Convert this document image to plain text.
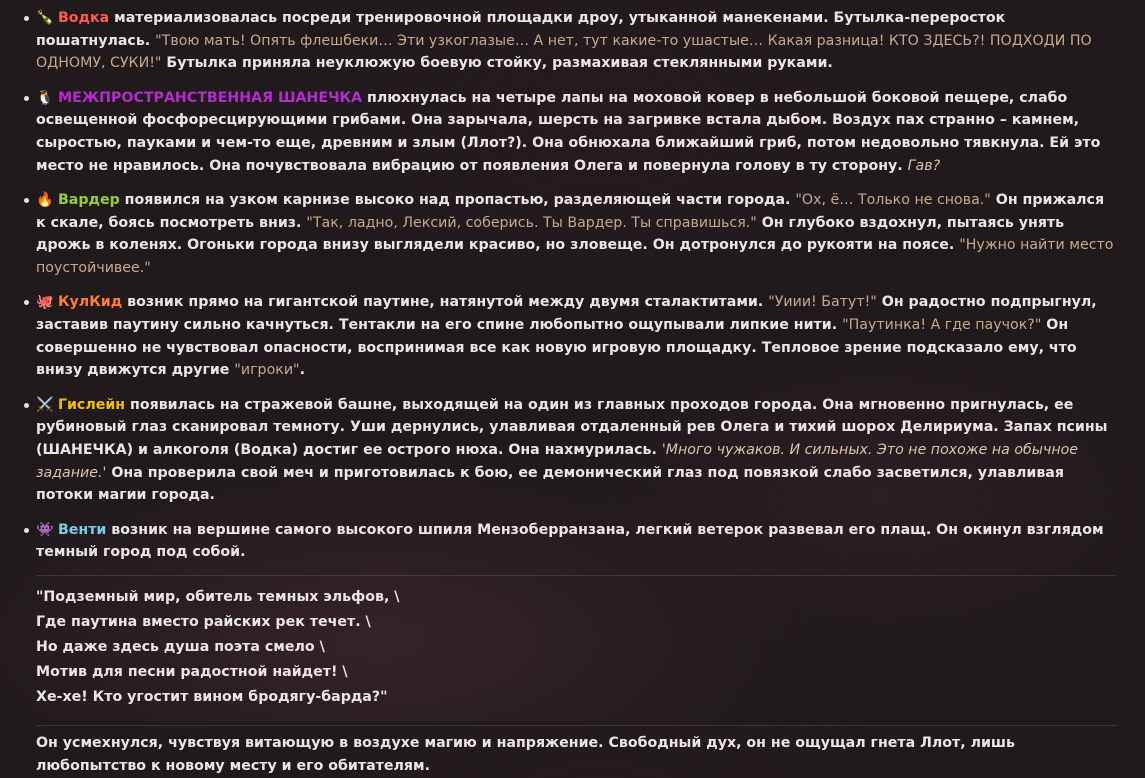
🍾 Водка материализовалась посреди тренировочной площадки дроу, утыканной манекенами. Бутылка-переросток пошатнулась. "Твою мать! Опять флешбеки… Эти узкоглазые… А нет, тут какие-то ушастые… Какая разница! КТО ЗДЕСЬ?! ПОДХОДИ ПО ОДНОМУ, СУКИ!" Бутылка приняла неуклюжую боевую стойку, размахивая стеклянными руками.
🐧 МЕЖПРОСТРАНСТВЕННАЯ ШАНЕЧКА плюхнулась на четыре лапы на моховой ковер в небольшой боковой пещере, слабо освещенной фосфоресцирующими грибами. Она зарычала, шерсть на загривке встала дыбом. Воздух пах странно – камнем, сыростью, пауками и чем-то еще, древним и злым (Ллот?). Она обнюхала ближайший гриб, потом недовольно тявкнула. Ей это место не нравилось. Она почувствовала вибрацию от появления Олега и повернула голову в ту сторону. Гав?
🔥 Вардер появился на узком карнизе высоко над пропастью, разделяющей части города. "Ох, ё… Только не снова." Он прижался к скале, боясь посмотреть вниз. "Так, ладно, Лексий, соберись. Ты Вардер. Ты справишься." Он глубоко вздохнул, пытаясь унять дрожь в коленях. Огоньки города внизу выглядели красиво, но зловеще. Он дотронулся до рукояти на поясе. "Нужно найти место поустойчивее."
🐙 КулКид возник прямо на гигантской паутине, натянутой между двумя сталактитами. "Уиии! Батут!" Он радостно подпрыгнул, заставив паутину сильно качнуться. Тентакли на его спине любопытно ощупывали липкие нити. "Паутинка! А где паучок?" Он совершенно не чувствовал опасности, воспринимая все как новую игровую площадку. Тепловое зрение подсказало ему, что внизу движутся другие "игроки".
⚔️ Гислейн появилась на стражевой башне, выходящей на один из главных проходов города. Она мгновенно пригнулась, ее рубиновый глаз сканировал темноту. Уши дернулись, улавливая отдаленный рев Олега и тихий шорох Делириума. Запах псины (ШАНЕЧКА) и алкоголя (Водка) достиг ее острого нюха. Она нахмурилась. 'Много чужаков. И сильных. Это не похоже на обычное задание.' Она проверила свой меч и приготовилась к бою, ее демонический глаз под повязкой слабо засветился, улавливая потоки магии города.
👾 Венти возник на вершине самого высокого шпиля Мензоберранзана, легкий ветерок развевал его плащ. Он окинул взглядом темный город под собой.
"Подземный мир, обитель темных эльфов, \
Где паутина вместо райских рек течет. \
Но даже здесь душа поэта смело \
Мотив для песни радостной найдет! \
Хе-хе! Кто угостит вином бродягу-барда?"
Он усмехнулся, чувствуя витающую в воздухе магию и напряжение. Свободный дух, он не ощущал гнета Ллот, лишь любопытство к новому месту и его обитателям.
